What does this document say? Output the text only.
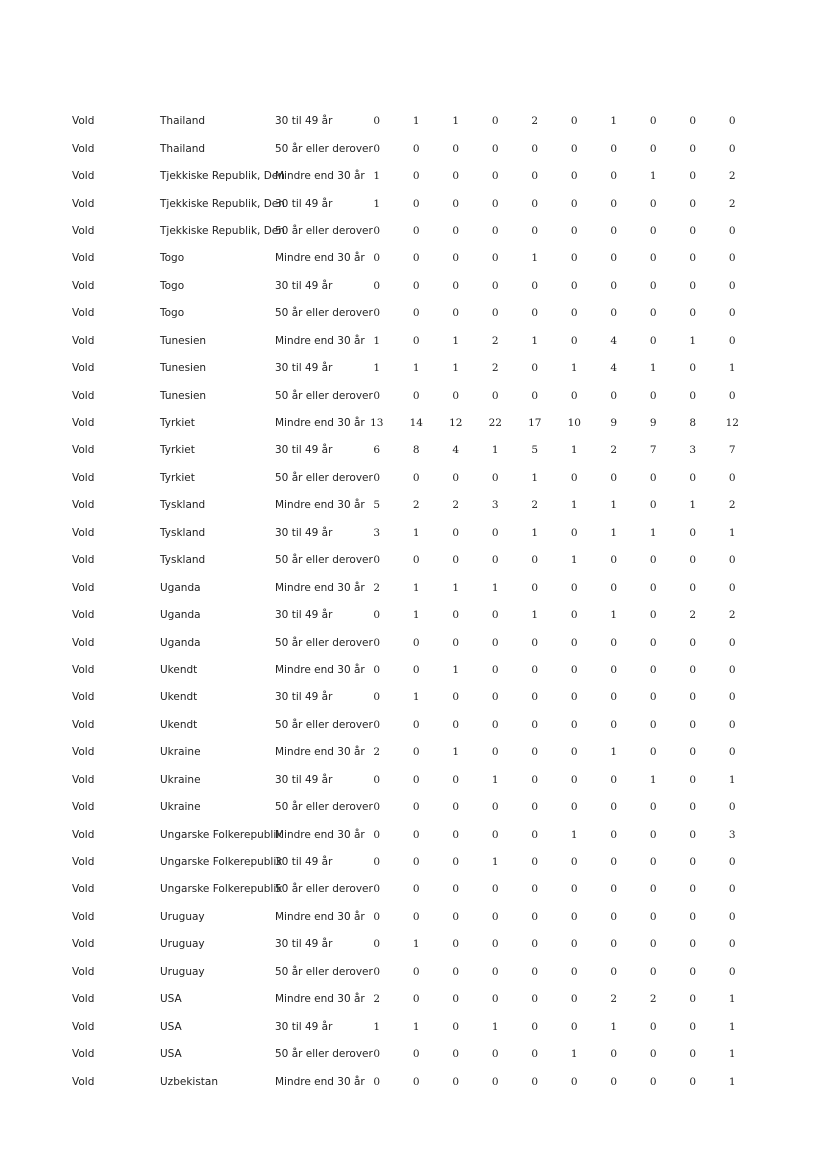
Vold	Thailand	30 til 49 år	0	1	1	0	2	0	1	0	0	0
Vold	Thailand	50 år eller derover	0	0	0	0	0	0	0	0	0	0
Vold	Tjekkiske Republik, Den	Mindre end 30 år	1	0	0	0	0	0	0	1	0	2
Vold	Tjekkiske Republik, Den	30 til 49 år	1	0	0	0	0	0	0	0	0	2
Vold	Tjekkiske Republik, Den	50 år eller derover	0	0	0	0	0	0	0	0	0	0
Vold	Togo	Mindre end 30 år	0	0	0	0	1	0	0	0	0	0
Vold	Togo	30 til 49 år	0	0	0	0	0	0	0	0	0	0
Vold	Togo	50 år eller derover	0	0	0	0	0	0	0	0	0	0
Vold	Tunesien	Mindre end 30 år	1	0	1	2	1	0	4	0	1	0
Vold	Tunesien	30 til 49 år	1	1	1	2	0	1	4	1	0	1
Vold	Tunesien	50 år eller derover	0	0	0	0	0	0	0	0	0	0
Vold	Tyrkiet	Mindre end 30 år	13	14	12	22	17	10	9	9	8	12
Vold	Tyrkiet	30 til 49 år	6	8	4	1	5	1	2	7	3	7
Vold	Tyrkiet	50 år eller derover	0	0	0	0	1	0	0	0	0	0
Vold	Tyskland	Mindre end 30 år	5	2	2	3	2	1	1	0	1	2
Vold	Tyskland	30 til 49 år	3	1	0	0	1	0	1	1	0	1
Vold	Tyskland	50 år eller derover	0	0	0	0	0	1	0	0	0	0
Vold	Uganda	Mindre end 30 år	2	1	1	1	0	0	0	0	0	0
Vold	Uganda	30 til 49 år	0	1	0	0	1	0	1	0	2	2
Vold	Uganda	50 år eller derover	0	0	0	0	0	0	0	0	0	0
Vold	Ukendt	Mindre end 30 år	0	0	1	0	0	0	0	0	0	0
Vold	Ukendt	30 til 49 år	0	1	0	0	0	0	0	0	0	0
Vold	Ukendt	50 år eller derover	0	0	0	0	0	0	0	0	0	0
Vold	Ukraine	Mindre end 30 år	2	0	1	0	0	0	1	0	0	0
Vold	Ukraine	30 til 49 år	0	0	0	1	0	0	0	1	0	1
Vold	Ukraine	50 år eller derover	0	0	0	0	0	0	0	0	0	0
Vold	Ungarske Folkerepublik	Mindre end 30 år	0	0	0	0	0	1	0	0	0	3
Vold	Ungarske Folkerepublik	30 til 49 år	0	0	0	1	0	0	0	0	0	0
Vold	Ungarske Folkerepublik	50 år eller derover	0	0	0	0	0	0	0	0	0	0
Vold	Uruguay	Mindre end 30 år	0	0	0	0	0	0	0	0	0	0
Vold	Uruguay	30 til 49 år	0	1	0	0	0	0	0	0	0	0
Vold	Uruguay	50 år eller derover	0	0	0	0	0	0	0	0	0	0
Vold	USA	Mindre end 30 år	2	0	0	0	0	0	2	2	0	1
Vold	USA	30 til 49 år	1	1	0	1	0	0	1	0	0	1
Vold	USA	50 år eller derover	0	0	0	0	0	1	0	0	0	1
Vold	Uzbekistan	Mindre end 30 år	0	0	0	0	0	0	0	0	0	1
